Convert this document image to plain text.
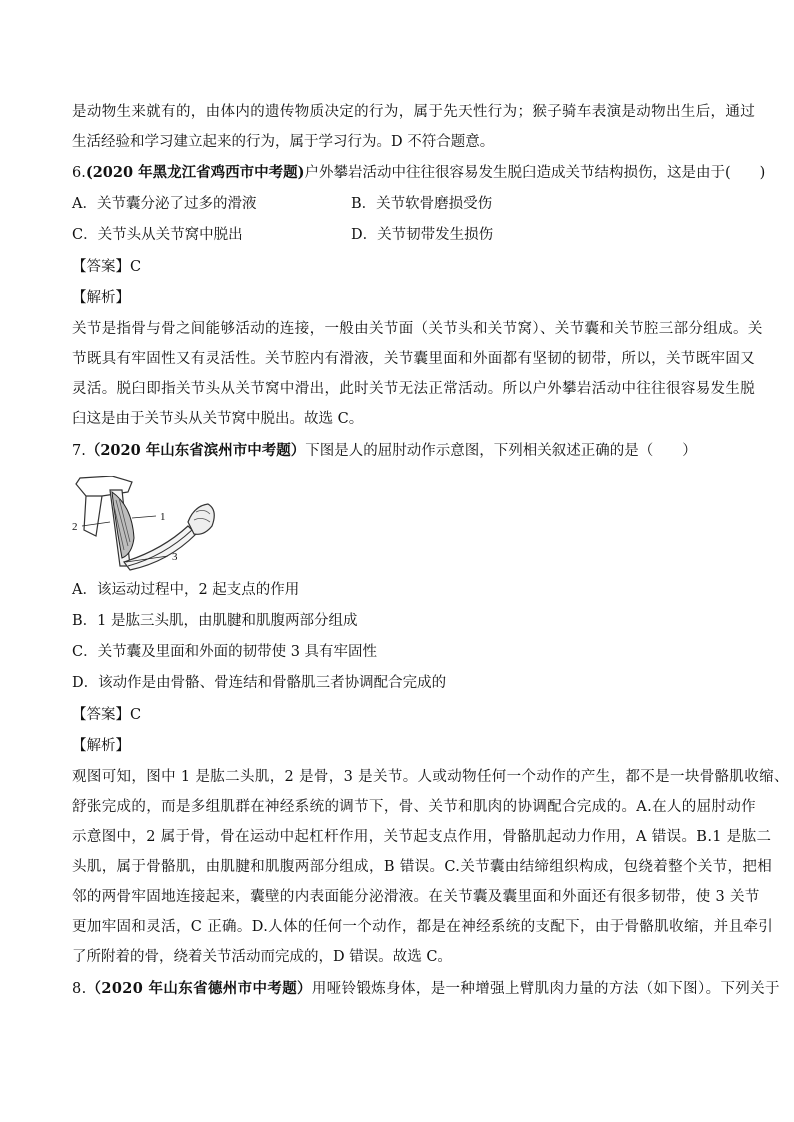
是动物生来就有的，由体内的遗传物质决定的行为，属于先天性行为；猴子骑车表演是动物出生后，通过
生活经验和学习建立起来的行为，属于学习行为。D 不符合题意。
6.(2020 年黑龙江省鸡西市中考题)户外攀岩活动中往往很容易发生脱臼造成关节结构损伤，这是由于(　　)
A．关节囊分泌了过多的滑液	B．关节软骨磨损受伤
C．关节头从关节窝中脱出	D．关节韧带发生损伤
【答案】C
【解析】
关节是指骨与骨之间能够活动的连接，一般由关节面（关节头和关节窝）、关节囊和关节腔三部分组成。关
节既具有牢固性又有灵活性。关节腔内有滑液，关节囊里面和外面都有坚韧的韧带，所以，关节既牢固又
灵活。脱臼即指关节头从关节窝中滑出，此时关节无法正常活动。所以户外攀岩活动中往往很容易发生脱
臼这是由于关节头从关节窝中脱出。故选 C。
7.（2020 年山东省滨州市中考题）下图是人的屈肘动作示意图，下列相关叙述正确的是（　　）
1
2
3
A．该运动过程中，2 起支点的作用
B．1 是肱三头肌，由肌腱和肌腹两部分组成
C．关节囊及里面和外面的韧带使 3 具有牢固性
D．该动作是由骨骼、骨连结和骨骼肌三者协调配合完成的
【答案】C
【解析】
观图可知，图中 1 是肱二头肌，2 是骨，3 是关节。人或动物任何一个动作的产生，都不是一块骨骼肌收缩、
舒张完成的，而是多组肌群在神经系统的调节下，骨、关节和肌肉的协调配合完成的。A.在人的屈肘动作
示意图中，2 属于骨，骨在运动中起杠杆作用，关节起支点作用，骨骼肌起动力作用，A 错误。B.1 是肱二
头肌，属于骨骼肌，由肌腱和肌腹两部分组成，B 错误。C.关节囊由结缔组织构成，包绕着整个关节，把相
邻的两骨牢固地连接起来，囊壁的内表面能分泌滑液。在关节囊及囊里面和外面还有很多韧带，使 3 关节
更加牢固和灵活，C 正确。D.人体的任何一个动作，都是在神经系统的支配下，由于骨骼肌收缩，并且牵引
了所附着的骨，绕着关节活动而完成的，D 错误。故选 C。
8.（2020 年山东省德州市中考题）用哑铃锻炼身体，是一种增强上臂肌肉力量的方法（如下图）。下列关于
